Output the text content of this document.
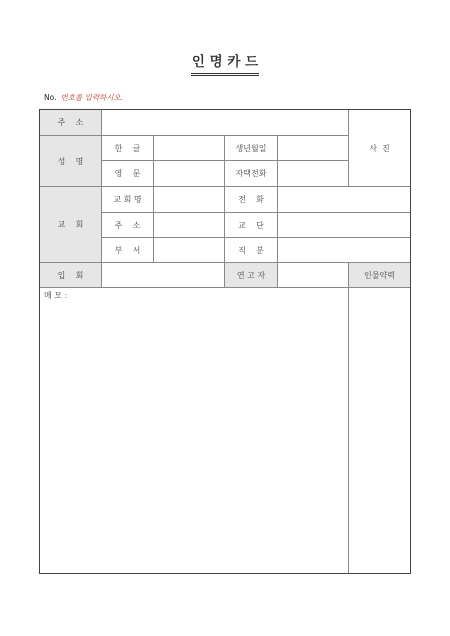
인 명 카 드
No. 번호를 입력하시오.
주    소
사  진
성    명
한    글	생년월일
영    문	자택전화
교    회
교 회 명	전    화
주    소	교    단
부    서	직    분
입    회	연 고 자	인물약력
메 모 :
